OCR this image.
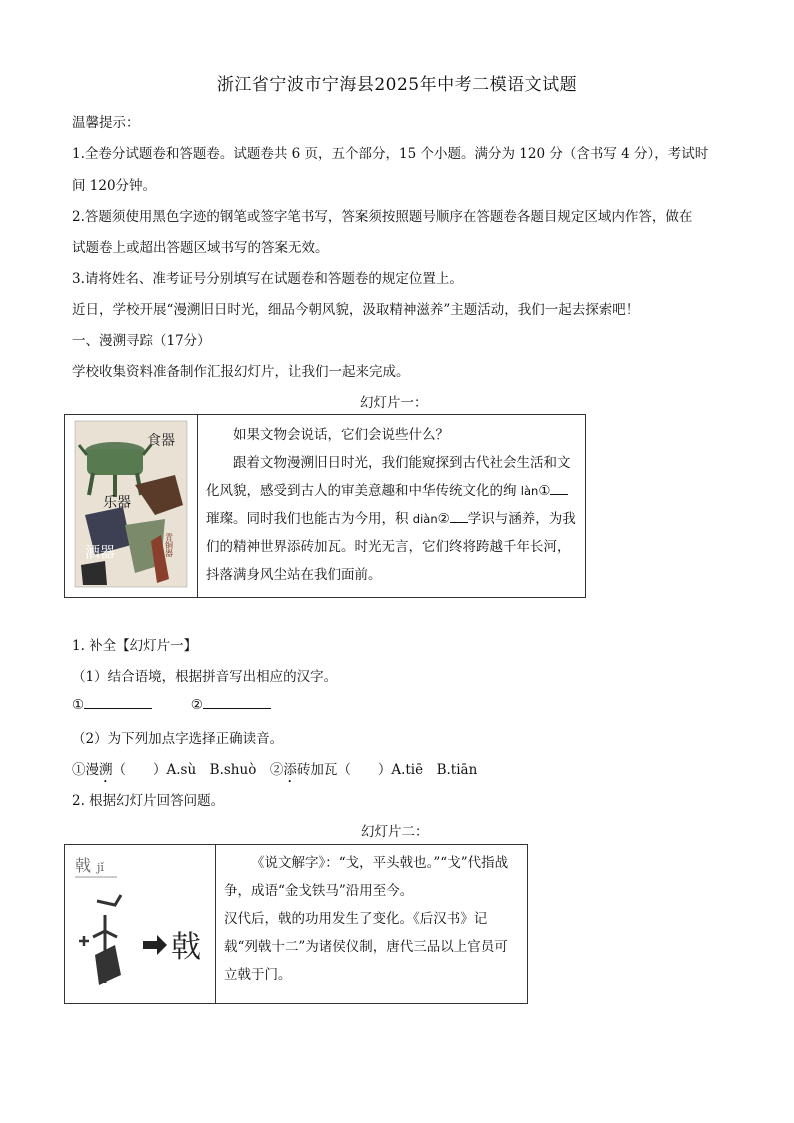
浙江省宁波市宁海县2025年中考二模语文试题
温馨提示：
1.全卷分试题卷和答题卷。试题卷共 6 页，五个部分，15 个小题。满分为 120 分（含书写 4 分），考试时
间 120分钟。
2.答题须使用黑色字迹的钢笔或签字笔书写，答案须按照题号顺序在答题卷各题目规定区域内作答，做在
试题卷上或超出答题区域书写的答案无效。
3.请将姓名、准考证号分别填写在试题卷和答题卷的规定位置上。
近日，学校开展“漫溯旧日时光，细品今朝风貌，汲取精神滋养”主题活动，我们一起去探索吧！
一、漫溯寻踪（17分）
学校收集资料准备制作汇报幻灯片，让我们一起来完成。
幻灯片一：
食器
乐器
酒器	青铜器

如果文物会说话，它们会说些什么？

跟着文物漫溯旧日时光，我们能窥探到古代社会生活和文化风貌，感受到古人的审美意趣和中华传统文化的绚 làn①璀璨。同时我们也能古为今用，积 diàn② 学识与涵养，为我们的精神世界添砖加瓦。时光无言，它们终将跨越千年长河，抖落满身风尘站在我们面前。

1. 补全【幻灯片一】
（1）结合语境，根据拼音写出相应的汉字。
①	②
（2）为下列加点字选择正确读音。
①漫溯（　　）A.sù　B.shuò　②添砖加瓦（　　）A.tiē　B.tiān
2. 根据幻灯片回答问题。
幻灯片二：
戟 jǐ
戟

《说文解字》：“戈，平头戟也。”“戈”代指战争，成语“金戈铁马”沿用至今。

汉代后，戟的功用发生了变化。《后汉书》记载“列戟十二”为诸侯仪制，唐代三品以上官员可立戟于门。
